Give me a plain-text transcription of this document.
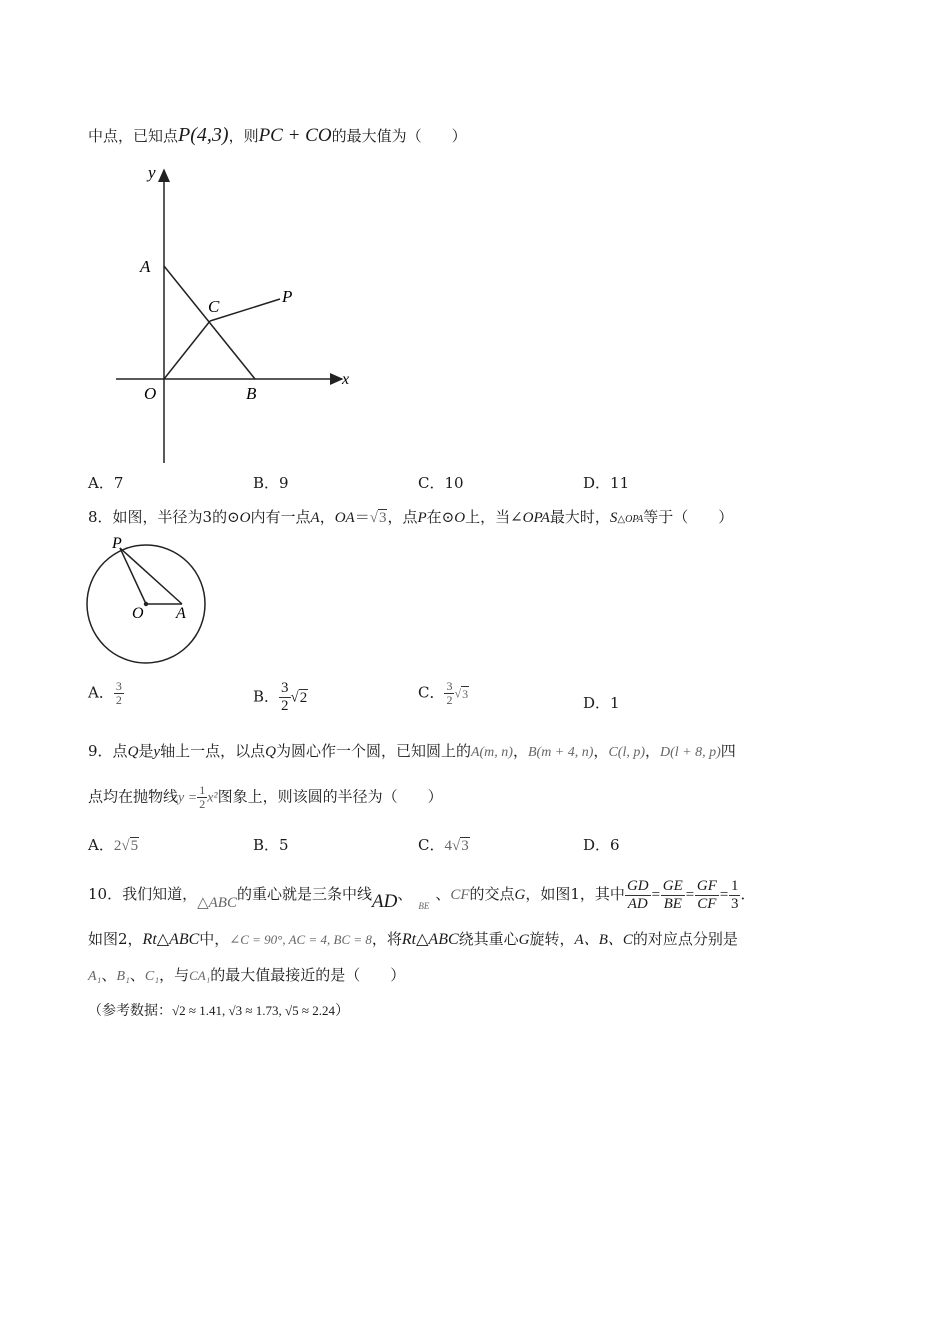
中点，已知点P(4,3)，则PC + CO的最大值为（　　）
y
x
A
C
P
O	B
A．7	B．9	C．10	D．11
8．如图，半径为3的⊙O内有一点A，OA＝√3，点P在⊙O上，当∠OPA最大时，S△OPA等于（　　）
P
O A
A． $\frac{3}{2}$	B． $\frac{3}{2} √2$	C． $\frac{3}{2} √3$
D．1
9．点Q是y轴上一点，以点Q为圆心作一个圆，已知圆上的A(m, n)，B(m + 4, n)，C(l, p)，D(l + 8, p)四
点均在抛物线$y = \frac{1}{2} x^2$图象上，则该圆的半径为（　　）
A．2√5	B．5	C．4√3	D．6
10．我们知道，△ABC的重心就是三条中线AD、$_{BE}$、CF的交点G，如图1，其中 $\frac{GD}{AD} = \frac{GE}{BE} = \frac{GF}{CF} = \frac{1}{3}$ ．
如图2，Rt△ABC中，∠C = 90°, AC = 4, BC = 8，将Rt△ABC绕其重心G旋转，A、B、C的对应点分别是
A₁、B₁、C₁，与CA₁的最大值最接近的是（　　）
（参考数据：√2 ≈ 1.41, √3 ≈ 1.73, √5 ≈ 2.24）
